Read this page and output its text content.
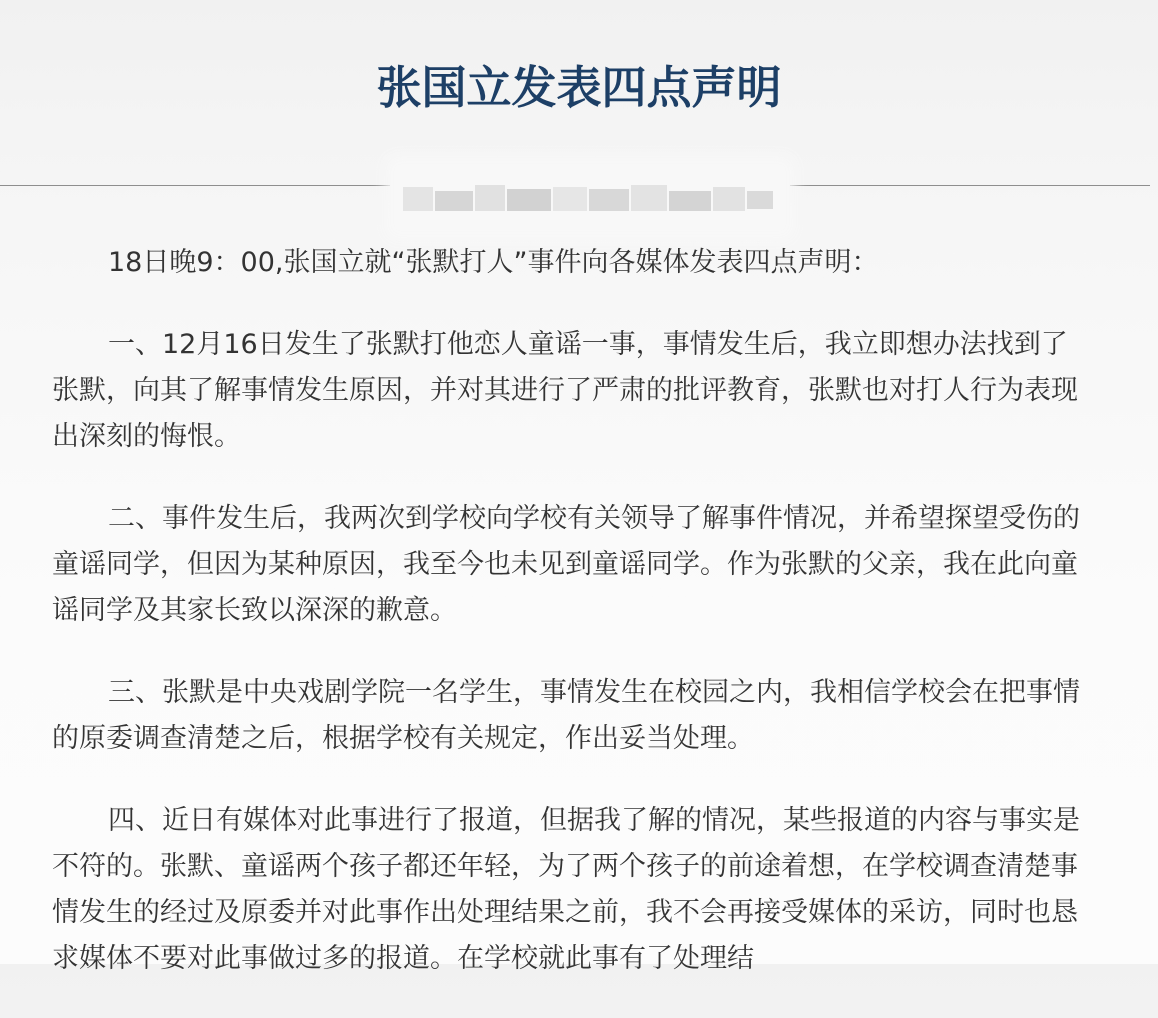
张国立发表四点声明

18日晚9：00,张国立就“张默打人”事件向各媒体发表四点声明：

一、12月16日发生了张默打他恋人童谣一事，事情发生后，我立即想办法找到了张默，向其了解事情发生原因，并对其进行了严肃的批评教育，张默也对打人行为表现出深刻的悔恨。

二、事件发生后，我两次到学校向学校有关领导了解事件情况，并希望探望受伤的童谣同学，但因为某种原因，我至今也未见到童谣同学。作为张默的父亲，我在此向童谣同学及其家长致以深深的歉意。

三、张默是中央戏剧学院一名学生，事情发生在校园之内，我相信学校会在把事情的原委调查清楚之后，根据学校有关规定，作出妥当处理。

四、近日有媒体对此事进行了报道，但据我了解的情况，某些报道的内容与事实是不符的。张默、童谣两个孩子都还年轻，为了两个孩子的前途着想，在学校调查清楚事情发生的经过及原委并对此事作出处理结果之前，我不会再接受媒体的采访，同时也恳求媒体不要对此事做过多的报道。在学校就此事有了处理结
